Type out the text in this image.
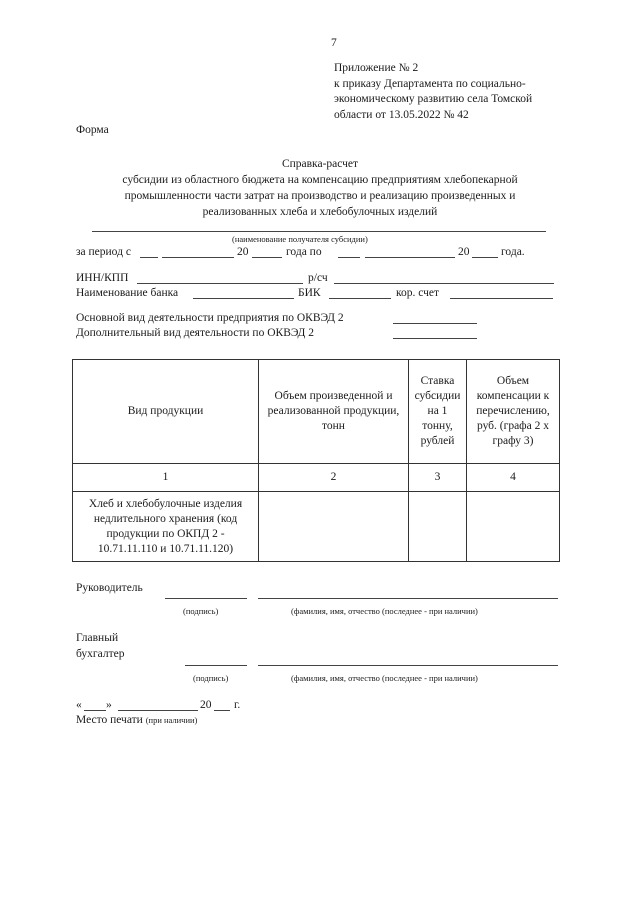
7
Приложение № 2
к приказу Департамента по социально-
экономическому развитию села Томской
области от 13.05.2022 № 42
Форма
Справка-расчет
субсидии из областного бюджета на компенсацию предприятиям хлебопекарной
промышленности части затрат на производство и реализацию произведенных и
реализованных хлеба и хлебобулочных изделий
(наименование получателя субсидии)
за период с	20	года по	20	года.
ИНН/КПП	р/сч
Наименование банка	БИК	кор. счет
Основной вид деятельности предприятия по ОКВЭД 2
Дополнительный вид деятельности по ОКВЭД 2
Вид продукции	Объем произведенной и реализованной продукции, тонн	Ставка субсидии на 1 тонну, рублей	Объем компенсации к перечислению, руб. (графа 2 х графу 3)
1	2	3	4
Хлеб и хлебобулочные изделия недлительного хранения (код продукции по ОКПД 2 - 10.71.11.110 и 10.71.11.120)			
Руководитель
(подпись)	(фамилия, имя, отчество (последнее - при наличии)
Главный
бухгалтер
(подпись)	(фамилия, имя, отчество (последнее - при наличии)
« »	20 г.
Место печати (при наличии)
